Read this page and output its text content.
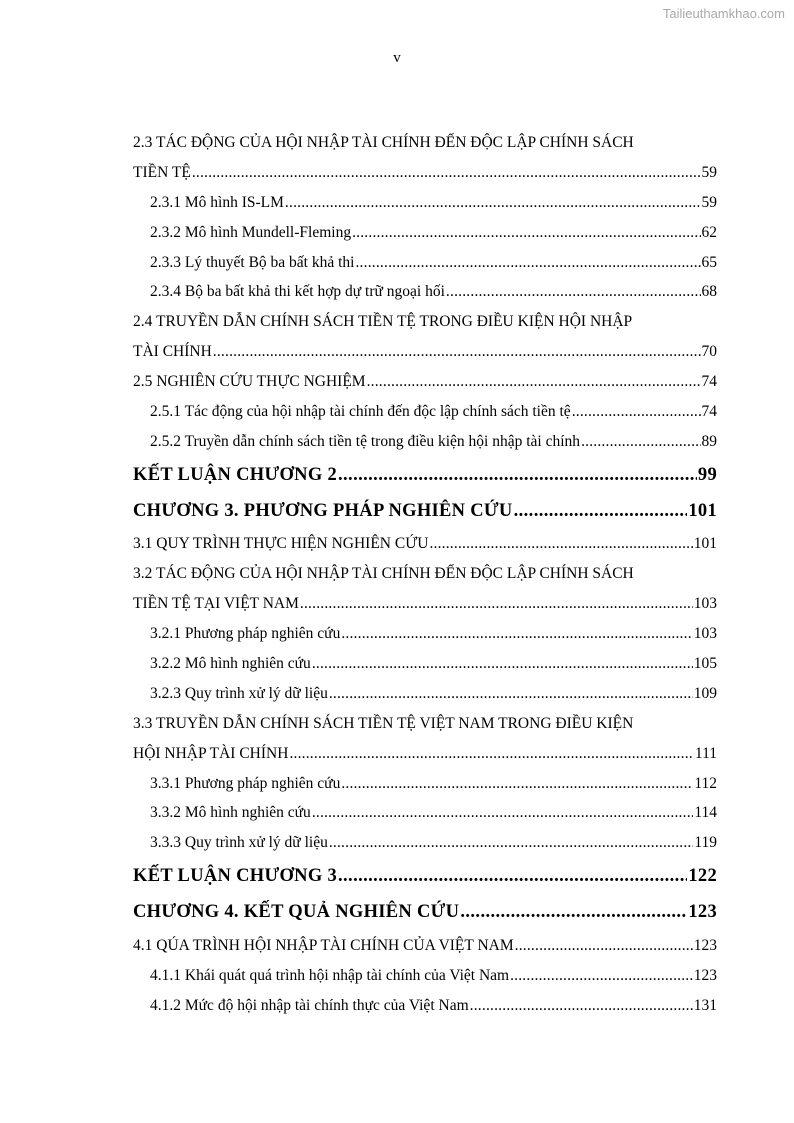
Tailieuthamkhao.com
v
2.3 TÁC ĐỘNG CỦA HỘI NHẬP TÀI CHÍNH ĐẾN ĐỘC LẬP CHÍNH SÁCH
TIỀN TỆ .....	59
2.3.1 Mô hình IS-LM .....	59
2.3.2 Mô hình Mundell-Fleming .....	62
2.3.3 Lý thuyết Bộ ba bất khả thi .....	65
2.3.4 Bộ ba bất khả thi kết hợp dự trữ ngoại hối .....	68
2.4 TRUYỀN DẪN CHÍNH SÁCH TIỀN TỆ TRONG ĐIỀU KIỆN HỘI NHẬP
TÀI CHÍNH .....	70
2.5 NGHIÊN CỨU THỰC NGHIỆM .....	74
2.5.1 Tác động của hội nhập tài chính đến độc lập chính sách tiền tệ .....	74
2.5.2 Truyền dẫn chính sách tiền tệ trong điều kiện hội nhập tài chính .....	89
KẾT LUẬN CHƯƠNG 2 .....	99
CHƯƠNG 3. PHƯƠNG PHÁP NGHIÊN CỨU .....	101
3.1 QUY TRÌNH THỰC HIỆN NGHIÊN CỨU .....	101
3.2 TÁC ĐỘNG CỦA HỘI NHẬP TÀI CHÍNH ĐẾN ĐỘC LẬP CHÍNH SÁCH
TIỀN TỆ TẠI VIỆT NAM .....	103
3.2.1 Phương pháp nghiên cứu .....	103
3.2.2 Mô hình nghiên cứu .....	105
3.2.3 Quy trình xử lý dữ liệu .....	109
3.3 TRUYỀN DẪN CHÍNH SÁCH TIỀN TỆ VIỆT NAM TRONG ĐIỀU KIỆN
HỘI NHẬP TÀI CHÍNH .....	111
3.3.1 Phương pháp nghiên cứu .....	112
3.3.2 Mô hình nghiên cứu .....	114
3.3.3 Quy trình xử lý dữ liệu .....	119
KẾT LUẬN CHƯƠNG 3 .....	122
CHƯƠNG 4. KẾT QUẢ NGHIÊN CỨU .....	123
4.1 QÚA TRÌNH HỘI NHẬP TÀI CHÍNH CỦA VIỆT NAM .....	123
4.1.1 Khái quát quá trình hội nhập tài chính của Việt Nam .....	123
4.1.2 Mức độ hội nhập tài chính thực của Việt Nam .....	131
